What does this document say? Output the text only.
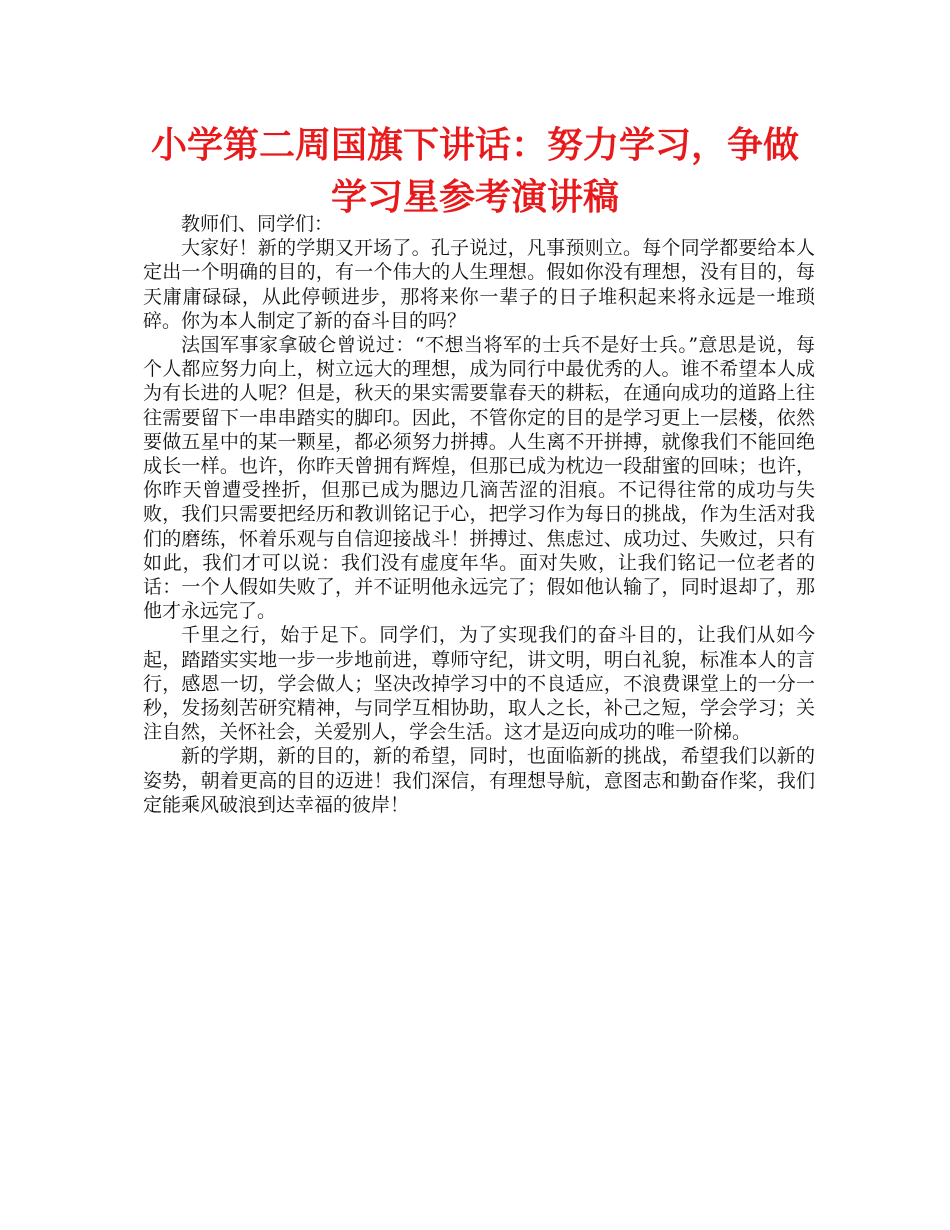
小学第二周国旗下讲话：努力学习，争做
学习星参考演讲稿

教师们、同学们：

大家好！新的学期又开场了。孔子说过，凡事预则立。每个同学都要给本人定出一个明确的目的，有一个伟大的人生理想。假如你没有理想，没有目的，每天庸庸碌碌，从此停顿进步，那将来你一辈子的日子堆积起来将永远是一堆琐碎。你为本人制定了新的奋斗目的吗？

法国军事家拿破仑曾说过：“不想当将军的士兵不是好士兵。”意思是说，每个人都应努力向上，树立远大的理想，成为同行中最优秀的人。谁不希望本人成为有长进的人呢？但是，秋天的果实需要靠春天的耕耘，在通向成功的道路上往往需要留下一串串踏实的脚印。因此，不管你定的目的是学习更上一层楼，依然要做五星中的某一颗星，都必须努力拼搏。人生离不开拼搏，就像我们不能回绝成长一样。也许，你昨天曾拥有辉煌，但那已成为枕边一段甜蜜的回味；也许，你昨天曾遭受挫折，但那已成为腮边几滴苦涩的泪痕。不记得往常的成功与失败，我们只需要把经历和教训铭记于心，把学习作为每日的挑战，作为生活对我们的磨练，怀着乐观与自信迎接战斗！拼搏过、焦虑过、成功过、失败过，只有如此，我们才可以说：我们没有虚度年华。面对失败，让我们铭记一位老者的话：一个人假如失败了，并不证明他永远完了；假如他认输了，同时退却了，那他才永远完了。

千里之行，始于足下。同学们，为了实现我们的奋斗目的，让我们从如今起，踏踏实实地一步一步地前进，尊师守纪，讲文明，明白礼貌，标准本人的言行，感恩一切，学会做人；坚决改掉学习中的不良适应，不浪费课堂上的一分一秒，发扬刻苦研究精神，与同学互相协助，取人之长，补己之短，学会学习；关注自然，关怀社会，关爱别人，学会生活。这才是迈向成功的唯一阶梯。

新的学期，新的目的，新的希望，同时，也面临新的挑战，希望我们以新的姿势，朝着更高的目的迈进！我们深信，有理想导航，意图志和勤奋作桨，我们定能乘风破浪到达幸福的彼岸！
